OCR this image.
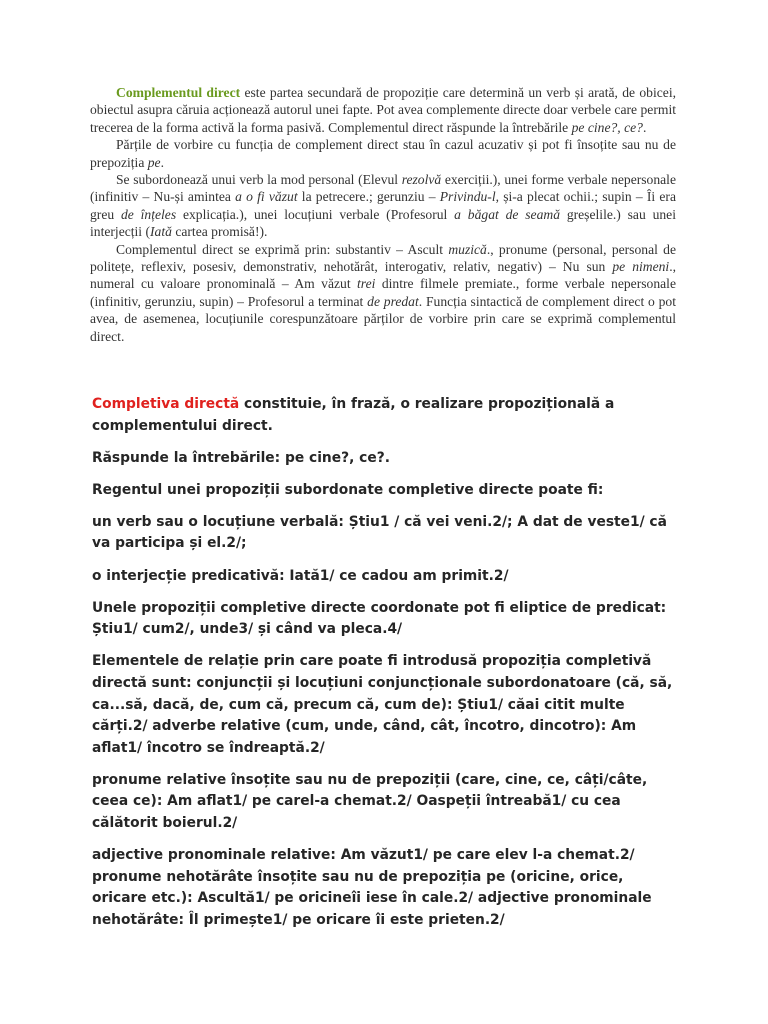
Complementul direct este partea secundară de propoziție care determină un verb și arată, de obicei, obiectul asupra căruia acționează autorul unei fapte. Pot avea complemente directe doar verbele care permit trecerea de la forma activă la forma pasivă. Complementul direct răspunde la întrebările pe cine?, ce?.

Părțile de vorbire cu funcția de complement direct stau în cazul acuzativ și pot fi însoțite sau nu de prepoziția pe.

Se subordonează unui verb la mod personal (Elevul rezolvă exerciții.), unei forme verbale nepersonale (infinitiv – Nu-și amintea a o fi văzut la petrecere.; gerunziu – Privindu-l, și-a plecat ochii.; supin – Îi era greu de înțeles explicația.), unei locuțiuni verbale (Profesorul a băgat de seamă greșelile.) sau unei interjecții (Iată cartea promisă!).

Complementul direct se exprimă prin: substantiv – Ascult muzică., pronume (personal, personal de politețe, reflexiv, posesiv, demonstrativ, nehotărât, interogativ, relativ, negativ) – Nu sun pe nimeni., numeral cu valoare pronominală – Am văzut trei dintre filmele premiate., forme verbale nepersonale (infinitiv, gerunziu, supin) – Profesorul a terminat de predat. Funcția sintactică de complement direct o pot avea, de asemenea, locuțiunile corespunzătoare părților de vorbire prin care se exprimă complementul direct.

Completiva directă constituie, în frază, o realizare propozițională a complementului direct.

Răspunde la întrebările: pe cine?, ce?.

Regentul unei propoziții subordonate completive directe poate fi:

un verb sau o locuțiune verbală: Știu1 / că vei veni.2/; A dat de veste1/ că va participa și el.2/;

o interjecție predicativă: Iată1/ ce cadou am primit.2/

Unele propoziții completive directe coordonate pot fi eliptice de predicat: Știu1/ cum2/, unde3/ și când va pleca.4/

Elementele de relație prin care poate fi introdusă propoziția completivă directă sunt: conjuncții și locuțiuni conjuncționale subordonatoare (că, să, ca...să, dacă, de, cum că, precum că, cum de): Știu1/ căai citit multe cărți.2/ adverbe relative (cum, unde, când, cât, încotro, dincotro): Am aflat1/ încotro se îndreaptă.2/

pronume relative însoțite sau nu de prepoziții (care, cine, ce, câți/câte, ceea ce): Am aflat1/ pe carel-a chemat.2/ Oaspeții întreabă1/ cu cea călătorit boierul.2/

adjective pronominale relative: Am văzut1/ pe care elev l-a chemat.2/ pronume nehotărâte însoțite sau nu de prepoziția pe (oricine, orice, oricare etc.): Ascultă1/ pe oricineîi iese în cale.2/ adjective pronominale nehotărâte: Îl primește1/ pe oricare îi este prieten.2/
